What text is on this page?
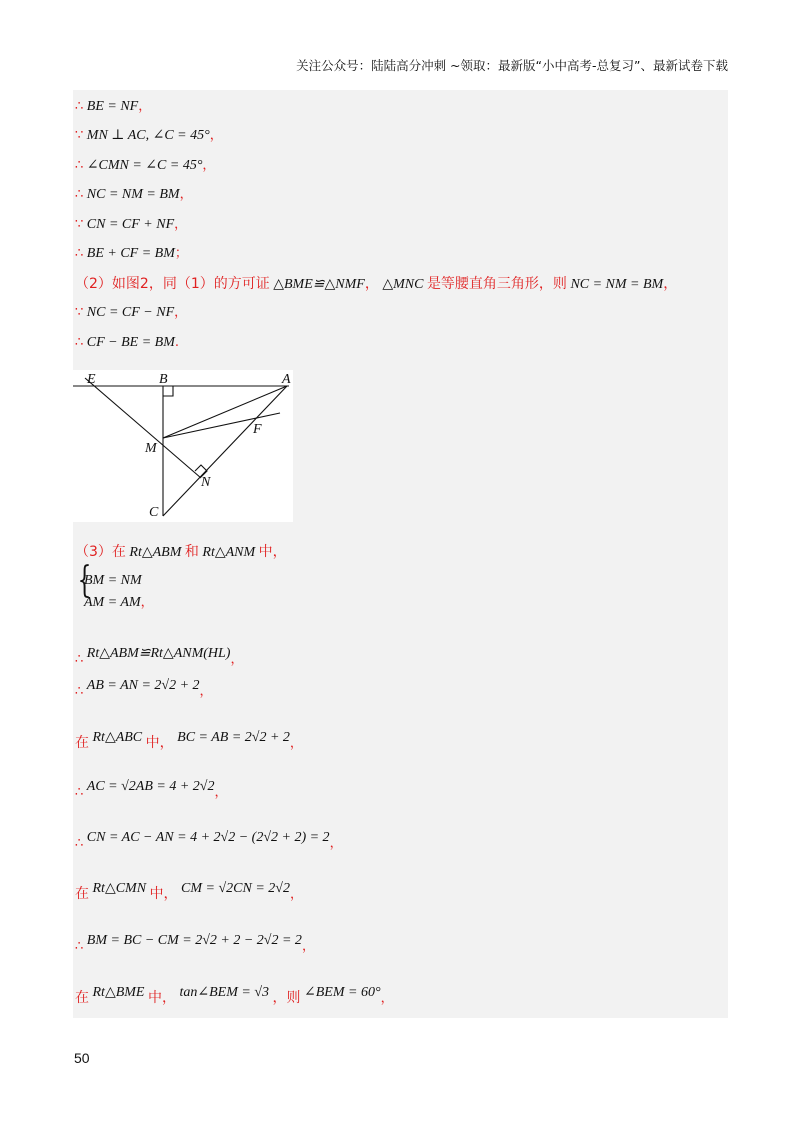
关注公众号：陆陆高分冲刺 ~领取：最新版“小中高考-总复习”、最新试卷下载
∴ BE = NF，
∵ MN ⊥ AC, ∠C = 45°，
∴ ∠CMN = ∠C = 45°，
∴ NC = NM = BM，
∵ CN = CF + NF，
∴ BE + CF = BM；
（2）如图2，同（1）的方可证 △BME≌△NMF， △MNC 是等腰直角三角形，则 NC = NM = BM，
∵ NC = CF − NF，
∴ CF − BE = BM.
E	B	A
F
M
N
C
（3）在 Rt△ABM 和 Rt△ANM 中，
{
BM = NM
AM = AM，
∴ Rt△ABM≌Rt△ANM(HL)，
∴ AB = AN = 2√2 + 2，
在 Rt△ABC 中， BC = AB = 2√2 + 2，
∴ AC = √2AB = 4 + 2√2，
∴ CN = AC − AN = 4 + 2√2 − (2√2 + 2) = 2，
在 Rt△CMN 中， CM = √2CN = 2√2，
∴ BM = BC − CM = 2√2 + 2 − 2√2 = 2，
在 Rt△BME 中， tan∠BEM = √3 ，则 ∠BEM = 60°，
50
